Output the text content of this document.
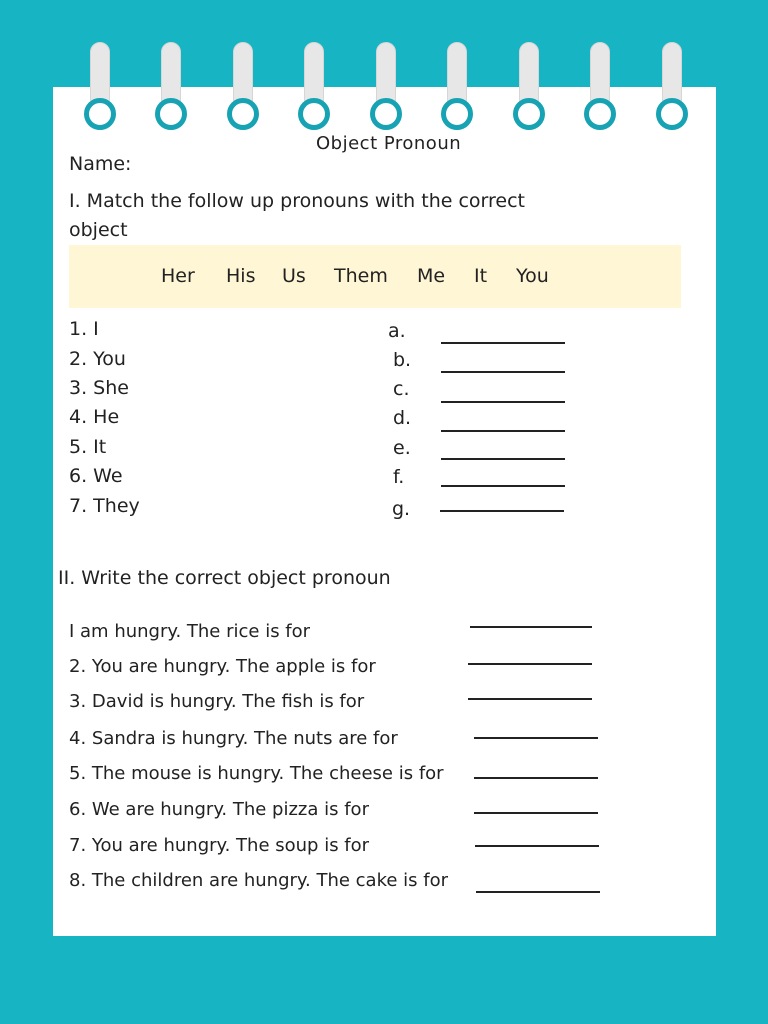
Object Pronoun
Name:
I. Match the follow up pronouns with the correct
object
Her His Us Them Me It You
1. I
2. You
3. She
4. He
5. It
6. We
7. They
a.
b.
c.
d.
e.
f.
g.
II. Write the correct object pronoun
I am hungry. The rice is for
2. You are hungry. The apple is for
3. David is hungry. The fish is for
4. Sandra is hungry. The nuts are for
5. The mouse is hungry. The cheese is for
6. We are hungry. The pizza is for
7. You are hungry. The soup is for
8. The children are hungry. The cake is for
